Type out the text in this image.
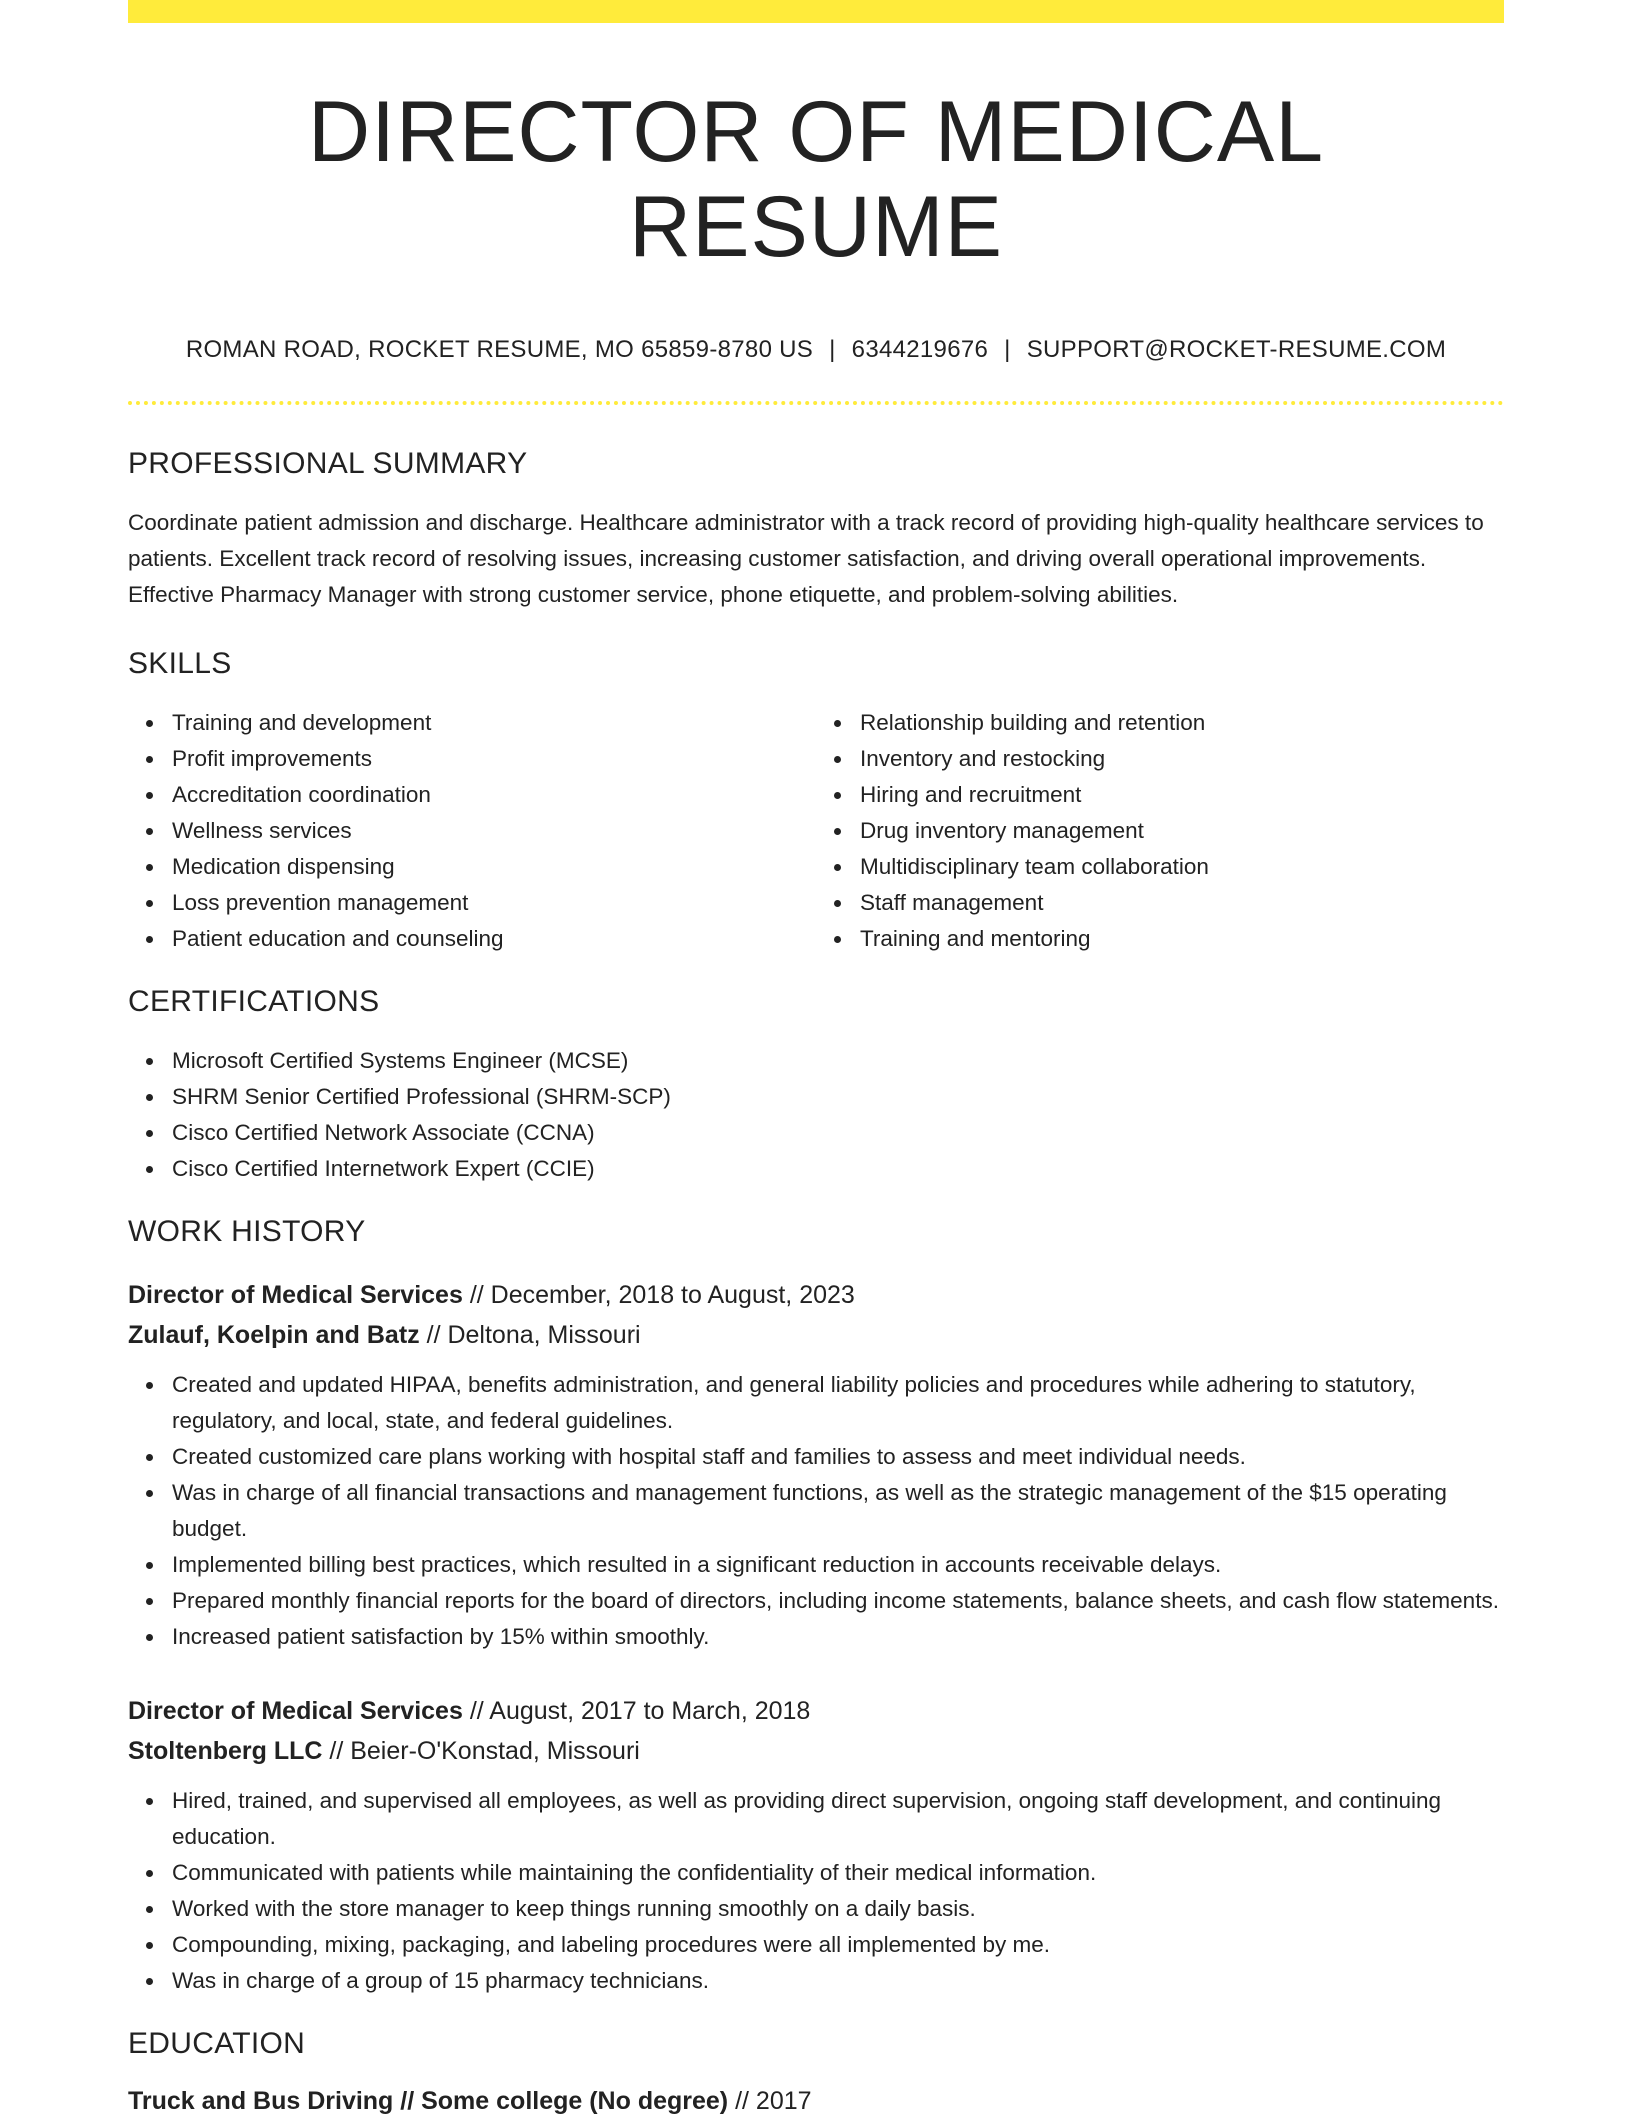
DIRECTOR OF MEDICAL RESUME
ROMAN ROAD, ROCKET RESUME, MO 65859-8780 US | 6344219676 | SUPPORT@ROCKET-RESUME.COM
PROFESSIONAL SUMMARY

Coordinate patient admission and discharge. Healthcare administrator with a track record of providing high-quality healthcare services to patients. Excellent track record of resolving issues, increasing customer satisfaction, and driving overall operational improvements. Effective Pharmacy Manager with strong customer service, phone etiquette, and problem-solving abilities.

SKILLS
Training and development
Profit improvements
Accreditation coordination
Wellness services
Medication dispensing
Loss prevention management
Patient education and counseling
Relationship building and retention
Inventory and restocking
Hiring and recruitment
Drug inventory management
Multidisciplinary team collaboration
Staff management
Training and mentoring
CERTIFICATIONS
Microsoft Certified Systems Engineer (MCSE)
SHRM Senior Certified Professional (SHRM-SCP)
Cisco Certified Network Associate (CCNA)
Cisco Certified Internetwork Expert (CCIE)
WORK HISTORY
Director of Medical Services // December, 2018 to August, 2023
Zulauf, Koelpin and Batz // Deltona, Missouri
Created and updated HIPAA, benefits administration, and general liability policies and procedures while adhering to statutory, regulatory, and local, state, and federal guidelines.
Created customized care plans working with hospital staff and families to assess and meet individual needs.
Was in charge of all financial transactions and management functions, as well as the strategic management of the $15 operating budget.
Implemented billing best practices, which resulted in a significant reduction in accounts receivable delays.
Prepared monthly financial reports for the board of directors, including income statements, balance sheets, and cash flow statements.
Increased patient satisfaction by 15% within smoothly.
Director of Medical Services // August, 2017 to March, 2018
Stoltenberg LLC // Beier-O'Konstad, Missouri
Hired, trained, and supervised all employees, as well as providing direct supervision, ongoing staff development, and continuing education.
Communicated with patients while maintaining the confidentiality of their medical information.
Worked with the store manager to keep things running smoothly on a daily basis.
Compounding, mixing, packaging, and labeling procedures were all implemented by me.
Was in charge of a group of 15 pharmacy technicians.
EDUCATION
Truck and Bus Driving // Some college (No degree) // 2017
